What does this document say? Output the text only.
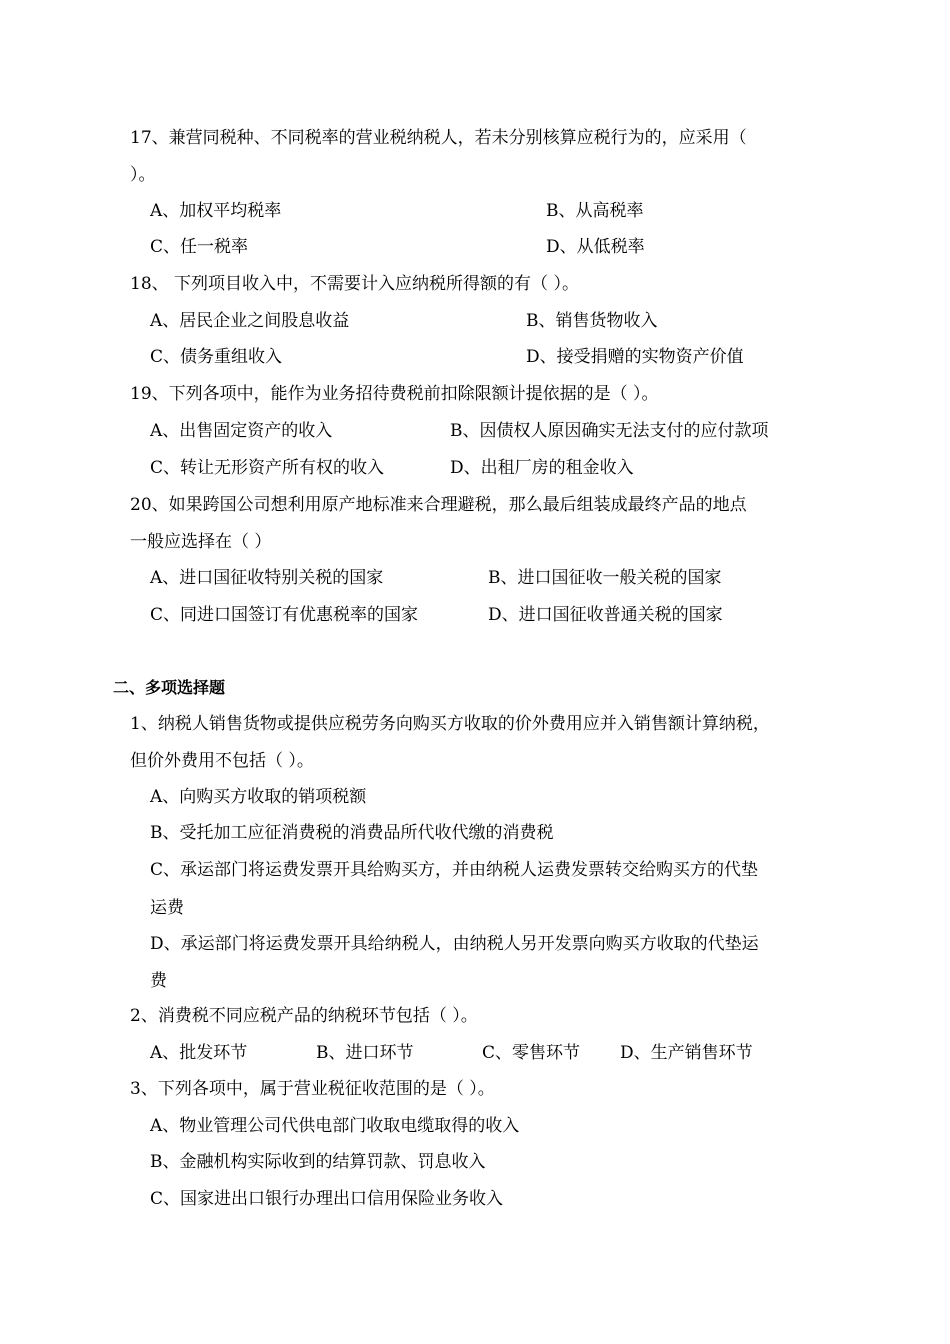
17、兼营同税种、不同税率的营业税纳税人，若未分别核算应税行为的，应采用（
）。
A、加权平均税率	B、从高税率
C、任一税率	D、从低税率
18、 下列项目收入中，不需要计入应纳税所得额的有（ ）。
A、居民企业之间股息收益	B、销售货物收入
C、债务重组收入	D、接受捐赠的实物资产价值
19、下列各项中，能作为业务招待费税前扣除限额计提依据的是（ ）。
A、出售固定资产的收入	B、因债权人原因确实无法支付的应付款项
C、转让无形资产所有权的收入	D、出租厂房的租金收入
20、如果跨国公司想利用原产地标准来合理避税，那么最后组装成最终产品的地点
一般应选择在（ ）
A、进口国征收特别关税的国家	B、进口国征收一般关税的国家
C、同进口国签订有优惠税率的国家	D、进口国征收普通关税的国家
二、多项选择题
1、纳税人销售货物或提供应税劳务向购买方收取的价外费用应并入销售额计算纳税，
但价外费用不包括（ ）。
A、向购买方收取的销项税额
B、受托加工应征消费税的消费品所代收代缴的消费税
C、承运部门将运费发票开具给购买方，并由纳税人运费发票转交给购买方的代垫
运费
D、承运部门将运费发票开具给纳税人，由纳税人另开发票向购买方收取的代垫运
费
2、消费税不同应税产品的纳税环节包括（ ）。
A、批发环节	B、进口环节	C、零售环节 D、生产销售环节
3、下列各项中，属于营业税征收范围的是（ ）。
A、物业管理公司代供电部门收取电缆取得的收入
B、金融机构实际收到的结算罚款、罚息收入
C、国家进出口银行办理出口信用保险业务收入
